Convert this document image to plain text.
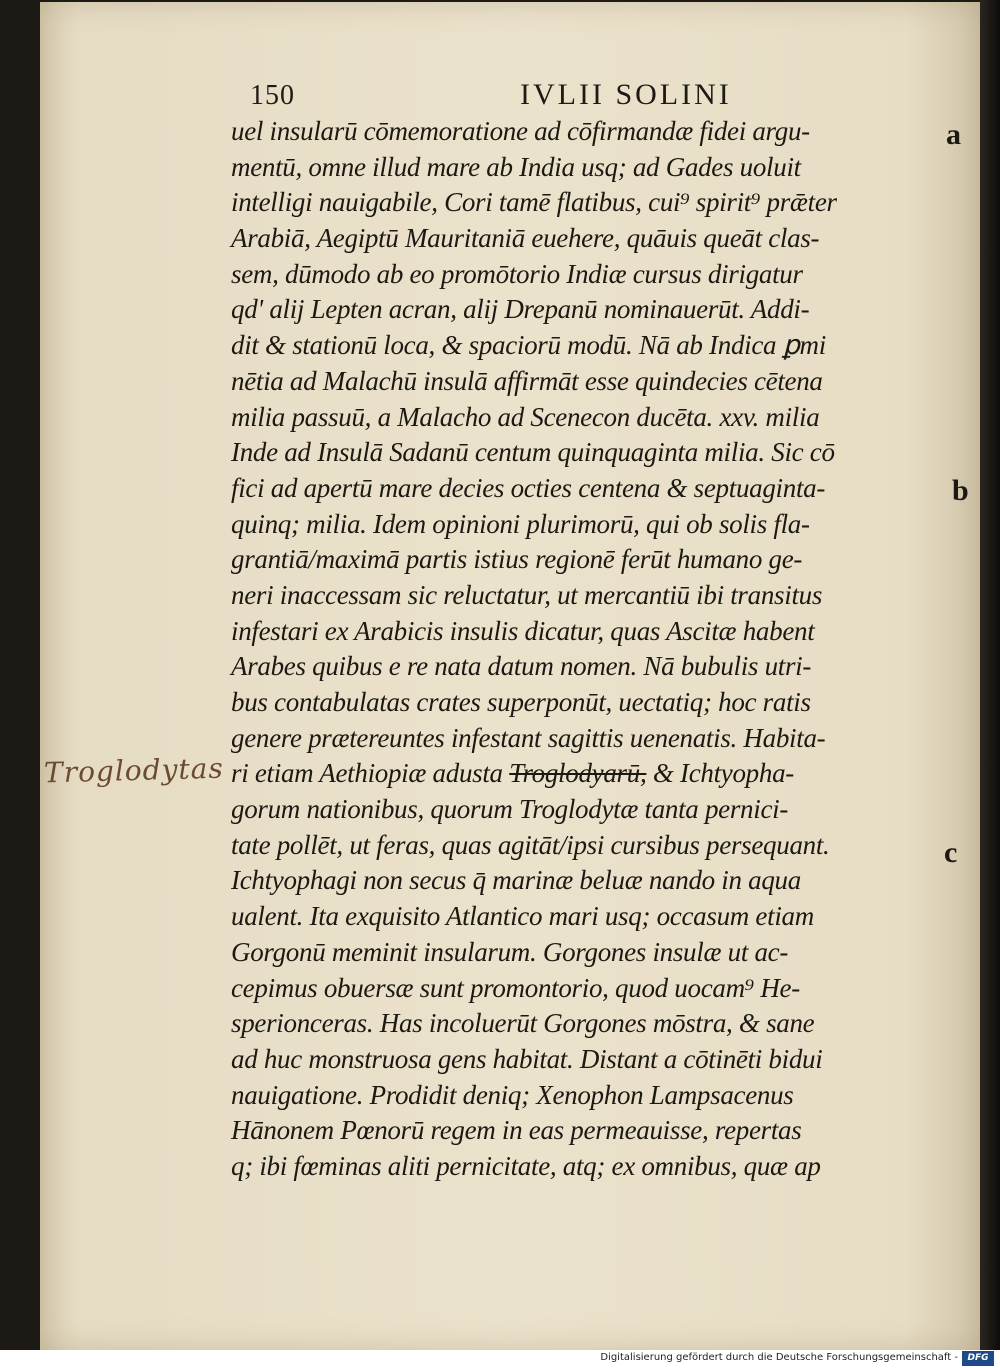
150	IVLII SOLINI
uel insularū cōmemoratione ad cōfirmandæ fidei argu-
mentū, omne illud mare ab India usq; ad Gades uoluit
intelligi nauigabile, Cori tamē flatibus, cui⁹ spirit⁹ prǣter
Arabiā, Aegiptū Mauritaniā euehere, quāuis queāt clas-
sem, dūmodo ab eo promōtorio Indiæ cursus dirigatur
qd' alij Lepten acran, alij Drepanū nominauerūt. Addi-
dit & stationū loca, & spaciorū modū. Nā ab Indica ꝑmi
nētia ad Malachū insulā affirmāt esse quindecies cētena
milia passuū, a Malacho ad Scenecon ducēta. xxv. milia
Inde ad Insulā Sadanū centum quinquaginta milia. Sic cō
fici ad apertū mare decies octies centena & septuaginta-
quinq; milia. Idem opinioni plurimorū, qui ob solis fla-
grantiā/maximā partis istius regionē ferūt humano ge-
neri inaccessam sic reluctatur, ut mercantiū ibi transitus
infestari ex Arabicis insulis dicatur, quas Ascitæ habent
Arabes quibus e re nata datum nomen. Nā bubulis utri-
bus contabulatas crates superponūt, uectatiq; hoc ratis
genere prætereuntes infestant sagittis uenenatis. Habita-
ri etiam Aethiopiæ adusta Troglodyarū, & Ichtyopha-
gorum nationibus, quorum Troglodytæ tanta pernici-
tate pollēt, ut feras, quas agitāt/ipsi cursibus persequant.
Ichtyophagi non secus q̄ marinæ beluæ nando in aqua
ualent. Ita exquisito Atlantico mari usq; occasum etiam
Gorgonū meminit insularum. Gorgones insulæ ut ac-
cepimus obuersæ sunt promontorio, quod uocam⁹ He-
sperionceras. Has incoluerūt Gorgones mōstra, & sane
ad huc monstruosa gens habitat. Distant a cōtinēti bidui
nauigatione. Prodidit deniq; Xenophon Lampsacenus
Hānonem Pœnorū regem in eas permeauisse, repertas
q; ibi fœminas aliti pernicitate, atq; ex omnibus, quæ ap
a
b
c
Troglodytas
Digitalisierung gefördert durch die Deutsche Forschungsgemeinschaft -	DFG
